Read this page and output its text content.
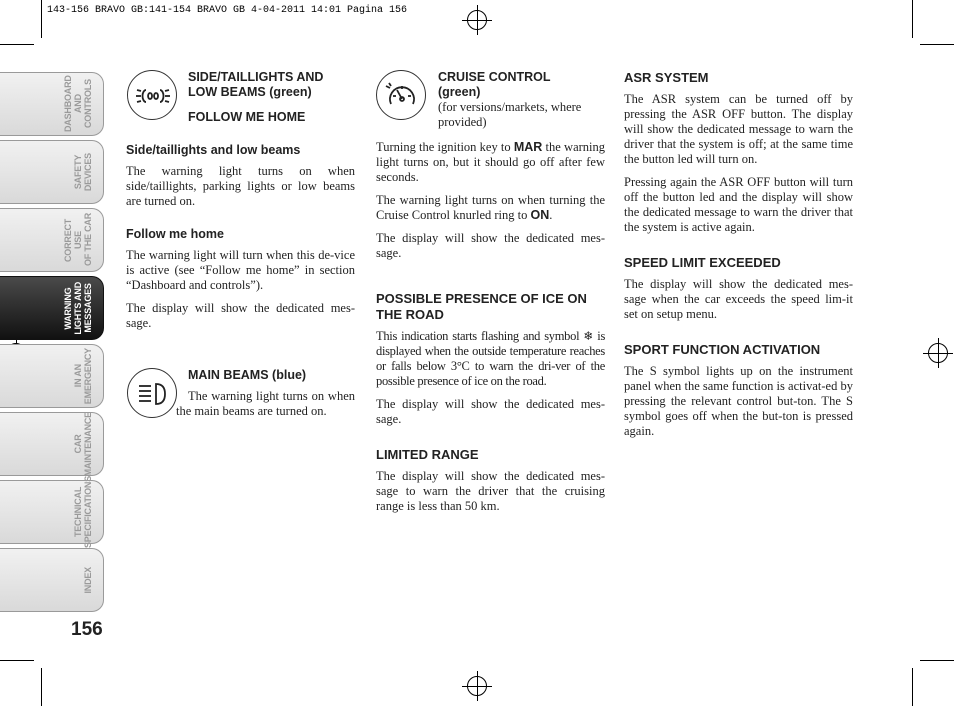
143-156 BRAVO GB:141-154 BRAVO GB 4-04-2011 14:01 Pagina 156
DASHBOARD
AND CONTROLS
SAFETY
DEVICES
CORRECT USE
OF THE CAR
WARNING
LIGHTS AND
MESSAGES
IN AN
EMERGENCY
CAR
MAINTENANCE
TECHNICAL
SPECIFICATIONS
INDEX
156
SIDE/TAILLIGHTS AND LOW BEAMS (green)
FOLLOW ME HOME
Side/taillights and low beams

The warning light turns on when side/taillights, parking lights or low beams are turned on.

Follow me home

The warning light will turn when this de-vice is active (see “Follow me home” in section “Dashboard and controls”).

The display will show the dedicated mes-sage.

MAIN BEAMS (blue)

The warning light turns on when the main beams are turned on.

CRUISE CONTROL
(green)
(for versions/markets, where provided)

Turning the ignition key to MAR the warning light turns on, but it should go off after few seconds.

The warning light turns on when turning the Cruise Control knurled ring to ON.

The display will show the dedicated mes-sage.

POSSIBLE PRESENCE OF ICE ON THE ROAD

This indication starts flashing and symbol ❄ is displayed when the outside temperature reaches or falls below 3°C to warn the dri-ver of the possible presence of ice on the road.

The display will show the dedicated mes-sage.

LIMITED RANGE

The display will show the dedicated mes-sage to warn the driver that the cruising range is less than 50 km.

ASR SYSTEM

The ASR system can be turned off by pressing the ASR OFF button. The display will show the dedicated message to warn the driver that the system is off; at the same time the button led will turn on.

Pressing again the ASR OFF button will turn off the button led and the display will show the dedicated message to warn the driver that the system is active again.

SPEED LIMIT EXCEEDED

The display will show the dedicated mes-sage when the car exceeds the speed lim-it set on setup menu.

SPORT FUNCTION ACTIVATION

The S symbol lights up on the instrument panel when the same function is activat-ed by pressing the relevant control but-ton. The S symbol goes off when the but-ton is pressed again.
